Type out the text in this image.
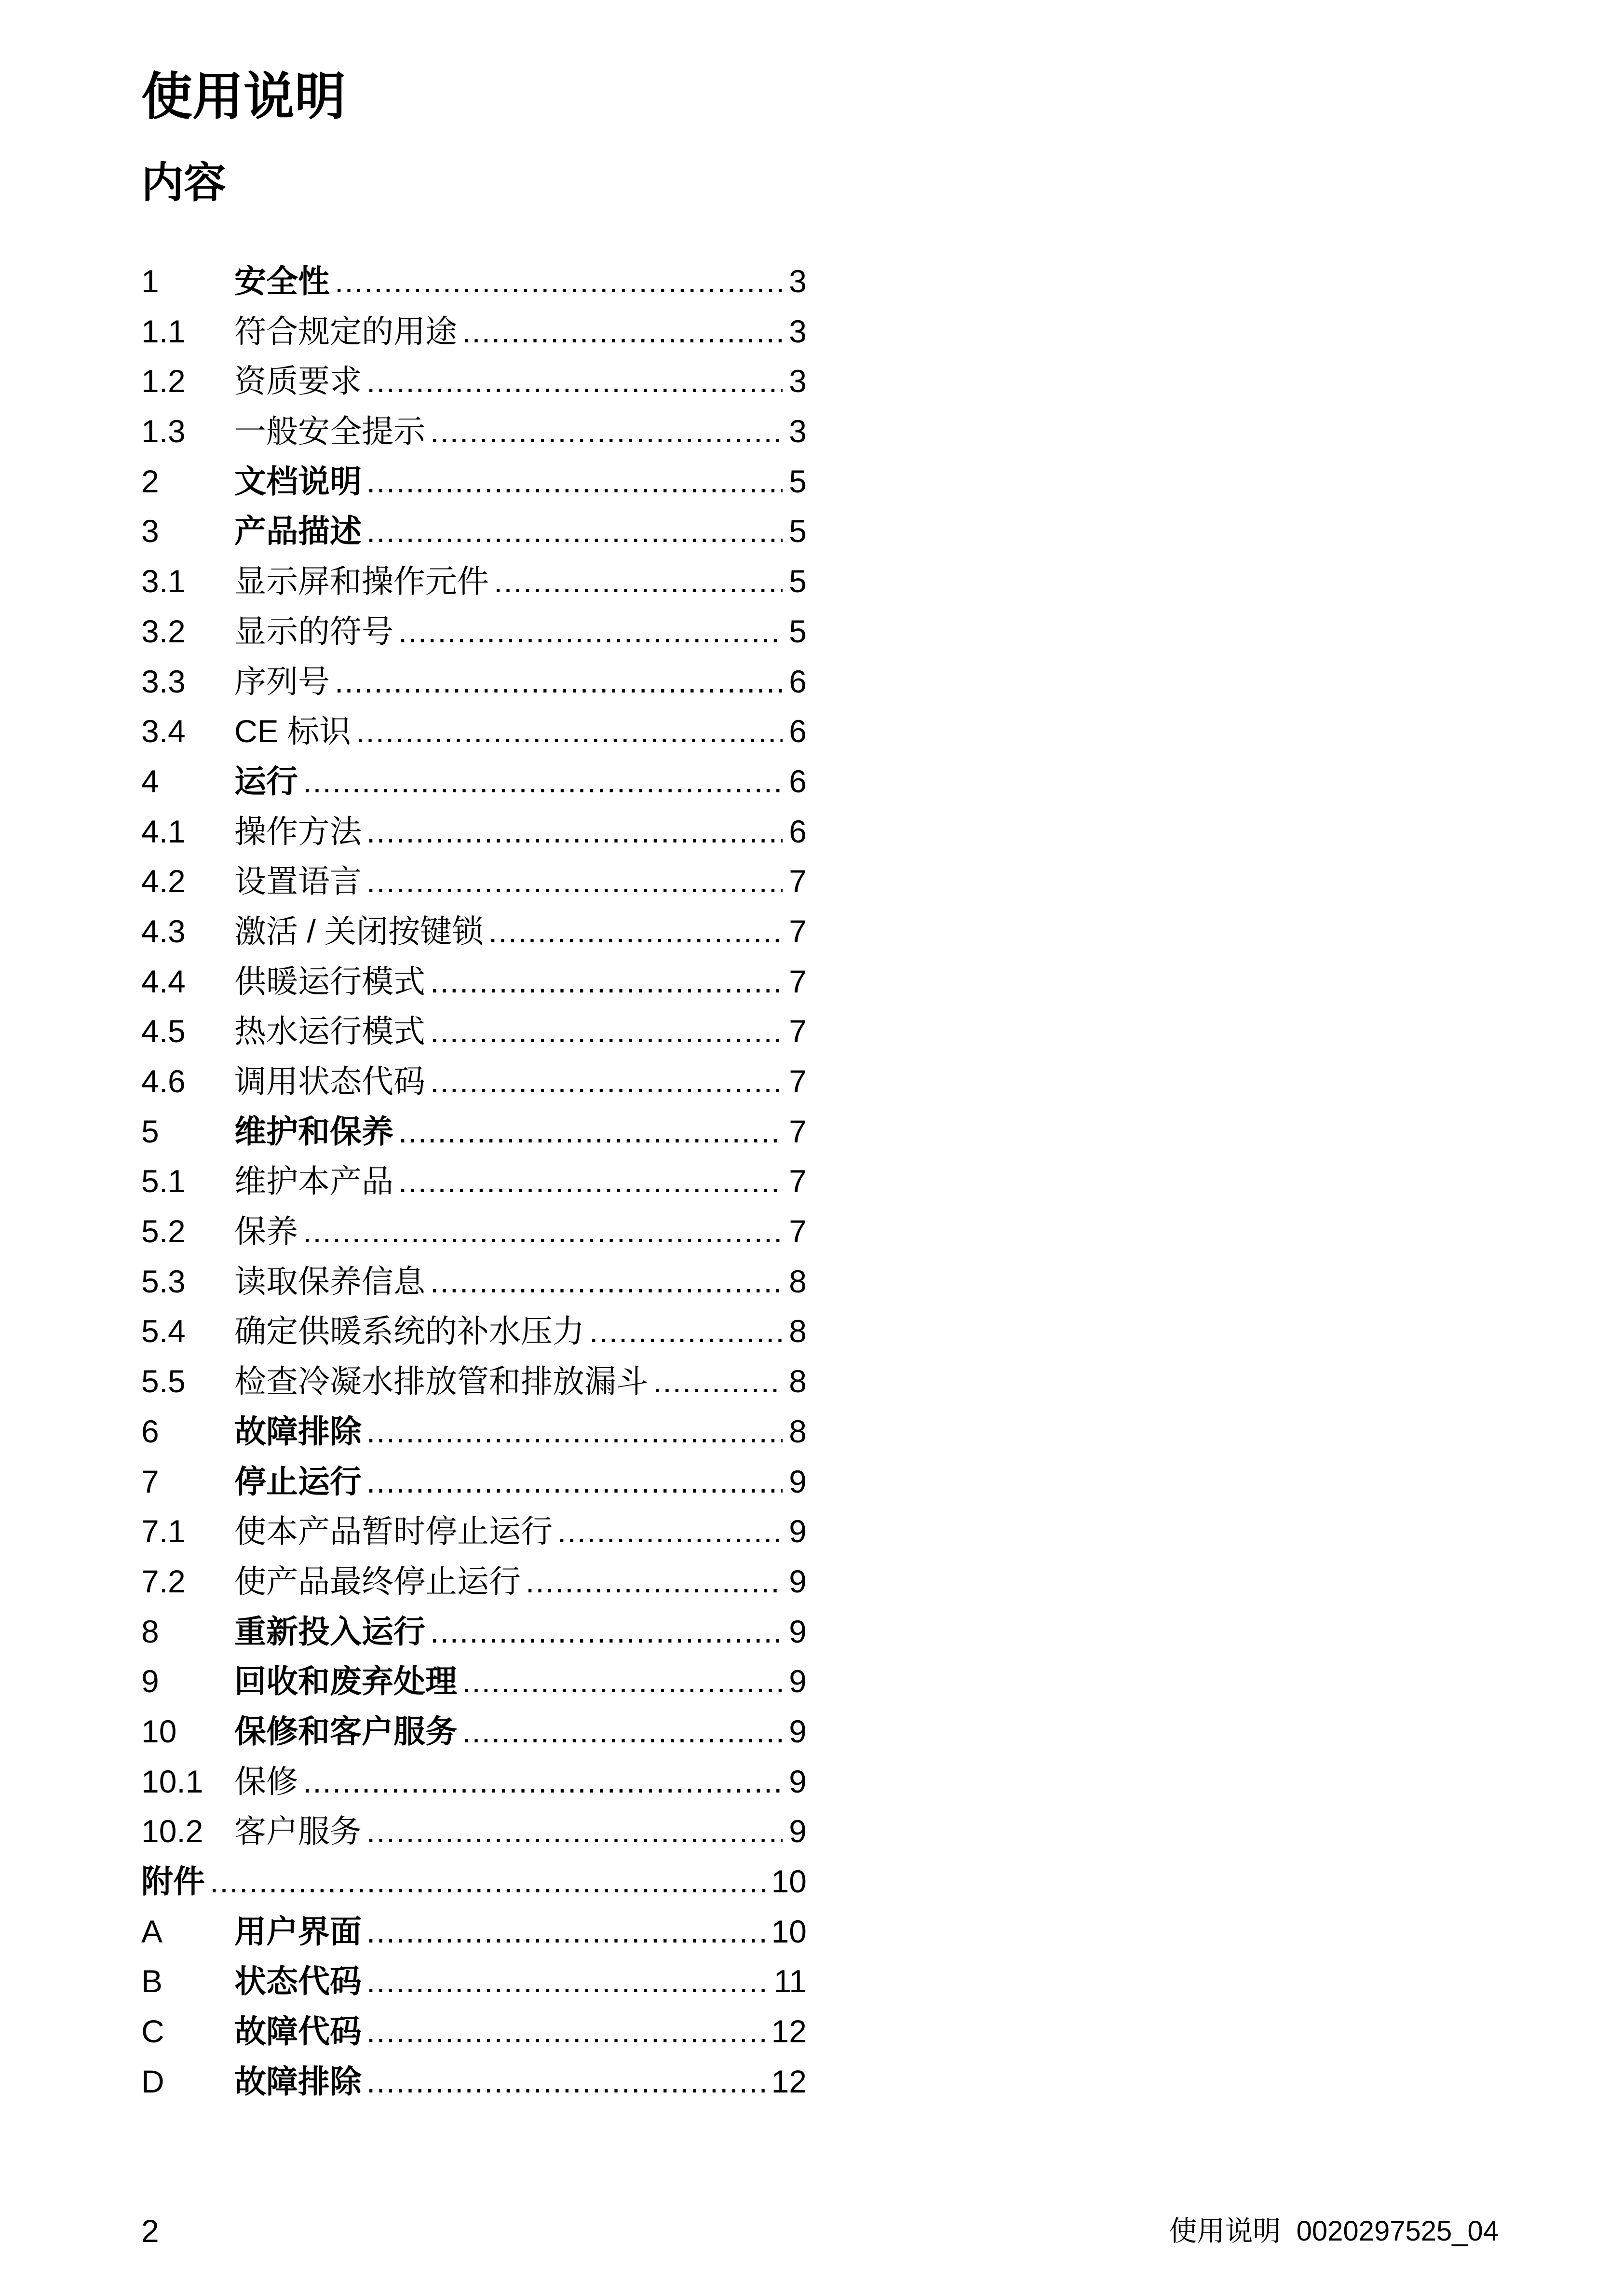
使用说明
内容
1	安全性 .....	3
1.1	符合规定的用途 .....	3
1.2	资质要求 .....	3
1.3	一般安全提示 .....	3
2	文档说明 .....	5
3	产品描述 .....	5
3.1	显示屏和操作元件 .....	5
3.2	显示的符号 .....	5
3.3	序列号 .....	6
3.4	CE 标识 .....	6
4	运行 .....	6
4.1	操作方法 .....	6
4.2	设置语言 .....	7
4.3	激活 / 关闭按键锁 .....	7
4.4	供暖运行模式 .....	7
4.5	热水运行模式 .....	7
4.6	调用状态代码 .....	7
5	维护和保养 .....	7
5.1	维护本产品 .....	7
5.2	保养 .....	7
5.3	读取保养信息 .....	8
5.4	确定供暖系统的补水压力 .....	8
5.5	检查冷凝水排放管和排放漏斗 .....	8
6	故障排除 .....	8
7	停止运行 .....	9
7.1	使本产品暂时停止运行 .....	9
7.2	使产品最终停止运行 .....	9
8	重新投入运行 .....	9
9	回收和废弃处理 .....	9
10	保修和客户服务 .....	9
10.1 保修 .....	9
10.2 客户服务 .....	9
附件 .....	10
A	用户界面 .....	10
B	状态代码 .....	11
C	故障代码 .....	12
D	故障排除 .....	12
2	使用说明 0020297525_04
